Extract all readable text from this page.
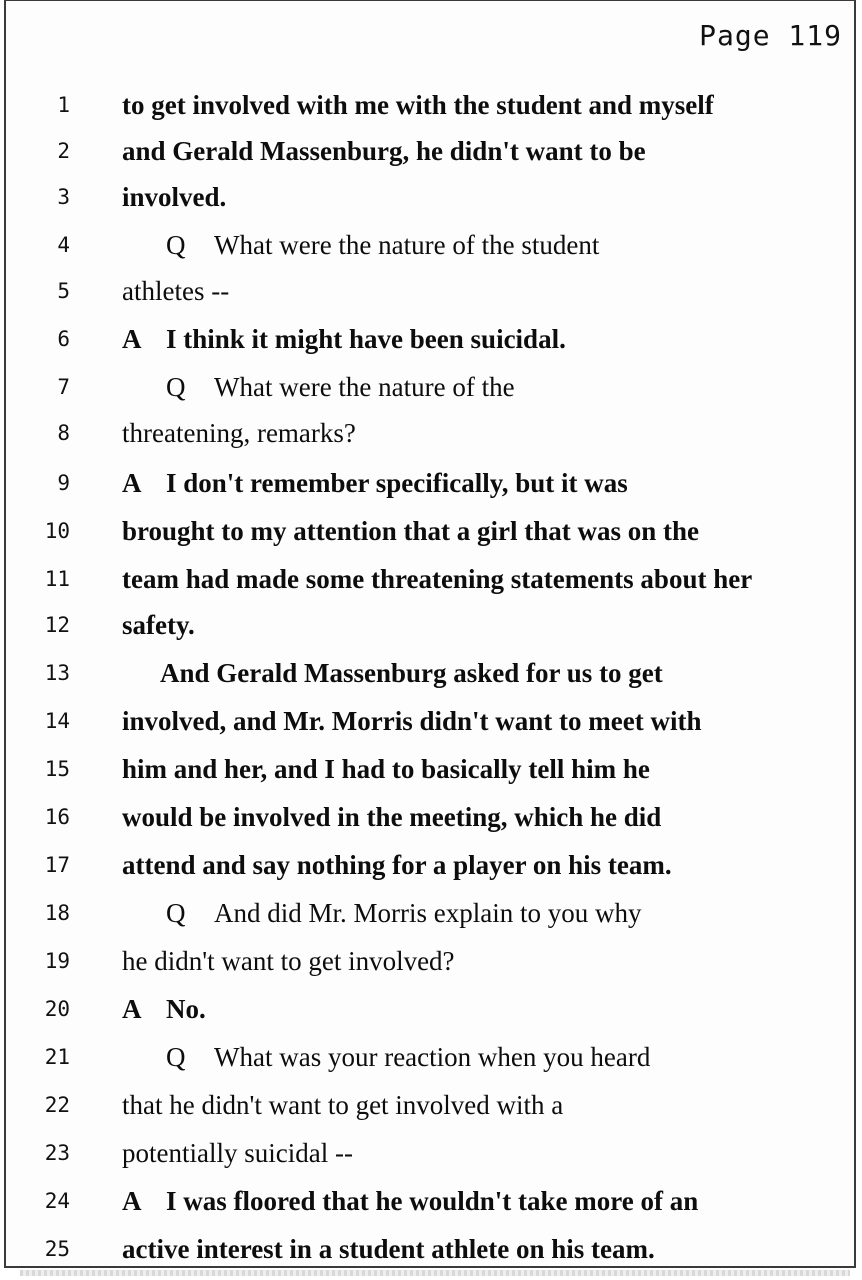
Page 119
1 to get involved with me with the student and myself
2 and Gerald Massenburg, he didn't want to be
3 involved.
4	Q What were the nature of the student
5 athletes --
6 A I think it might have been suicidal.
7	Q What were the nature of the
8 threatening, remarks?
9 A I don't remember specifically, but it was
10 brought to my attention that a girl that was on the
11 team had made some threatening statements about her
12 safety.
13	And Gerald Massenburg asked for us to get
14 involved, and Mr. Morris didn't want to meet with
15 him and her, and I had to basically tell him he
16 would be involved in the meeting, which he did
17 attend and say nothing for a player on his team.
18	Q And did Mr. Morris explain to you why
19 he didn't want to get involved?
20 A No.
21	Q What was your reaction when you heard
22 that he didn't want to get involved with a
23 potentially suicidal --
24 A I was floored that he wouldn't take more of an
25 active interest in a student athlete on his team.
